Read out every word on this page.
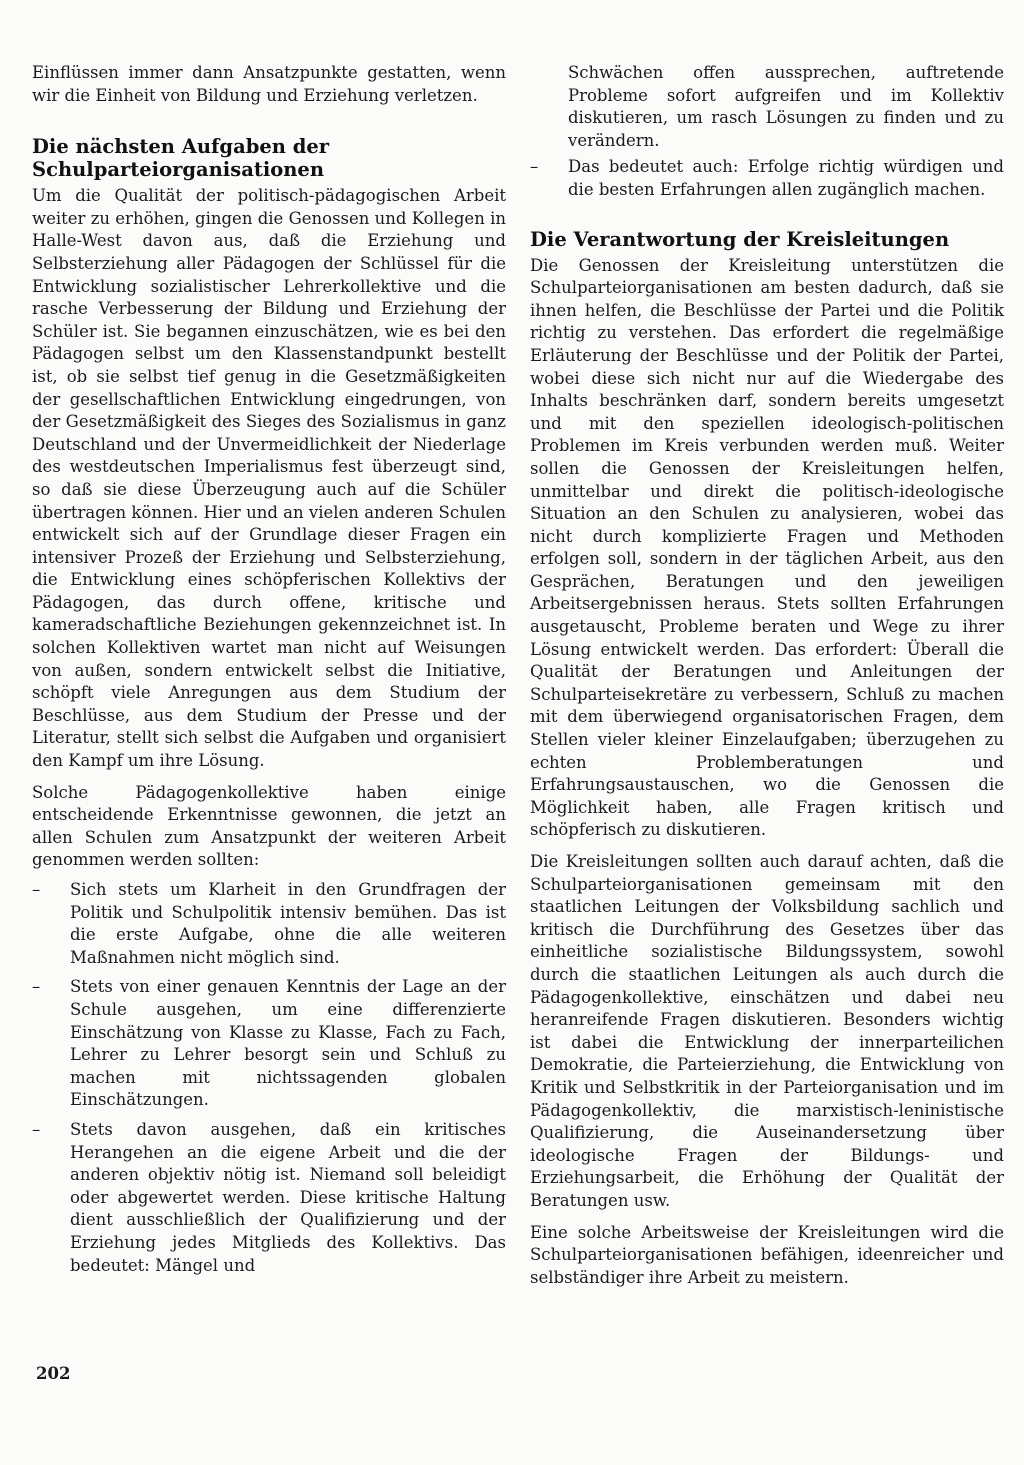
Einflüssen immer dann Ansatzpunkte gestatten, wenn wir die Einheit von Bildung und Erziehung verletzen.

Die nächsten Aufgaben der Schulparteiorganisationen

Um die Qualität der politisch-pädagogischen Arbeit weiter zu erhöhen, gingen die Genossen und Kollegen in Halle-West davon aus, daß die Erziehung und Selbsterziehung aller Pädagogen der Schlüssel für die Entwicklung sozialistischer Lehrerkollektive und die rasche Verbesserung der Bildung und Erziehung der Schüler ist. Sie begannen einzuschätzen, wie es bei den Pädagogen selbst um den Klassenstandpunkt bestellt ist, ob sie selbst tief genug in die Gesetzmäßigkeiten der gesellschaftlichen Entwicklung eingedrungen, von der Gesetzmäßigkeit des Sieges des Sozialismus in ganz Deutschland und der Unvermeidlichkeit der Niederlage des westdeutschen Imperialismus fest überzeugt sind, so daß sie diese Überzeugung auch auf die Schüler übertragen können. Hier und an vielen anderen Schulen entwickelt sich auf der Grundlage dieser Fragen ein intensiver Prozeß der Erziehung und Selbsterziehung, die Entwicklung eines schöpferischen Kollektivs der Pädagogen, das durch offene, kritische und kameradschaftliche Beziehungen gekennzeichnet ist. In solchen Kollektiven wartet man nicht auf Weisungen von außen, sondern entwickelt selbst die Initiative, schöpft viele Anregungen aus dem Studium der Beschlüsse, aus dem Studium der Presse und der Literatur, stellt sich selbst die Aufgaben und organisiert den Kampf um ihre Lösung.

Solche Pädagogenkollektive haben einige entscheidende Erkenntnisse gewonnen, die jetzt an allen Schulen zum Ansatzpunkt der weiteren Arbeit genommen werden sollten:

– Sich stets um Klarheit in den Grundfragen der Politik und Schulpolitik intensiv bemühen. Das ist die erste Aufgabe, ohne die alle weiteren Maßnahmen nicht möglich sind.

– Stets von einer genauen Kenntnis der Lage an der Schule ausgehen, um eine differenzierte Einschätzung von Klasse zu Klasse, Fach zu Fach, Lehrer zu Lehrer besorgt sein und Schluß zu machen mit nichtssagenden globalen Einschätzungen.

– Stets davon ausgehen, daß ein kritisches Herangehen an die eigene Arbeit und die der anderen objektiv nötig ist. Niemand soll beleidigt oder abgewertet werden. Diese kritische Haltung dient ausschließlich der Qualifizierung und der Erziehung jedes Mitglieds des Kollektivs. Das bedeutet: Mängel und

Schwächen offen aussprechen, auftretende Probleme sofort aufgreifen und im Kollektiv diskutieren, um rasch Lösungen zu finden und zu verändern.

– Das bedeutet auch: Erfolge richtig würdigen und die besten Erfahrungen allen zugänglich machen.

Die Verantwortung der Kreisleitungen

Die Genossen der Kreisleitung unterstützen die Schulparteiorganisationen am besten dadurch, daß sie ihnen helfen, die Beschlüsse der Partei und die Politik richtig zu verstehen. Das erfordert die regelmäßige Erläuterung der Beschlüsse und der Politik der Partei, wobei diese sich nicht nur auf die Wiedergabe des Inhalts beschränken darf, sondern bereits umgesetzt und mit den speziellen ideologisch-politischen Problemen im Kreis verbunden werden muß. Weiter sollen die Genossen der Kreisleitungen helfen, unmittelbar und direkt die politisch-ideologische Situation an den Schulen zu analysieren, wobei das nicht durch komplizierte Fragen und Methoden erfolgen soll, sondern in der täglichen Arbeit, aus den Gesprächen, Beratungen und den jeweiligen Arbeitsergebnissen heraus. Stets sollten Erfahrungen ausgetauscht, Probleme beraten und Wege zu ihrer Lösung entwickelt werden. Das erfordert: Überall die Qualität der Beratungen und Anleitungen der Schulparteisekretäre zu verbessern, Schluß zu machen mit dem überwiegend organisatorischen Fragen, dem Stellen vieler kleiner Einzelaufgaben; überzugehen zu echten Problemberatungen und Erfahrungsaustauschen, wo die Genossen die Möglichkeit haben, alle Fragen kritisch und schöpferisch zu diskutieren.

Die Kreisleitungen sollten auch darauf achten, daß die Schulparteiorganisationen gemeinsam mit den staatlichen Leitungen der Volksbildung sachlich und kritisch die Durchführung des Gesetzes über das einheitliche sozialistische Bildungssystem, sowohl durch die staatlichen Leitungen als auch durch die Pädagogenkollektive, einschätzen und dabei neu heranreifende Fragen diskutieren. Besonders wichtig ist dabei die Entwicklung der innerparteilichen Demokratie, die Parteierziehung, die Entwicklung von Kritik und Selbstkritik in der Parteiorganisation und im Pädagogenkollektiv, die marxistisch-leninistische Qualifizierung, die Auseinandersetzung über ideologische Fragen der Bildungs- und Erziehungsarbeit, die Erhöhung der Qualität der Beratungen usw.

Eine solche Arbeitsweise der Kreisleitungen wird die Schulparteiorganisationen befähigen, ideenreicher und selbständiger ihre Arbeit zu meistern.

202
